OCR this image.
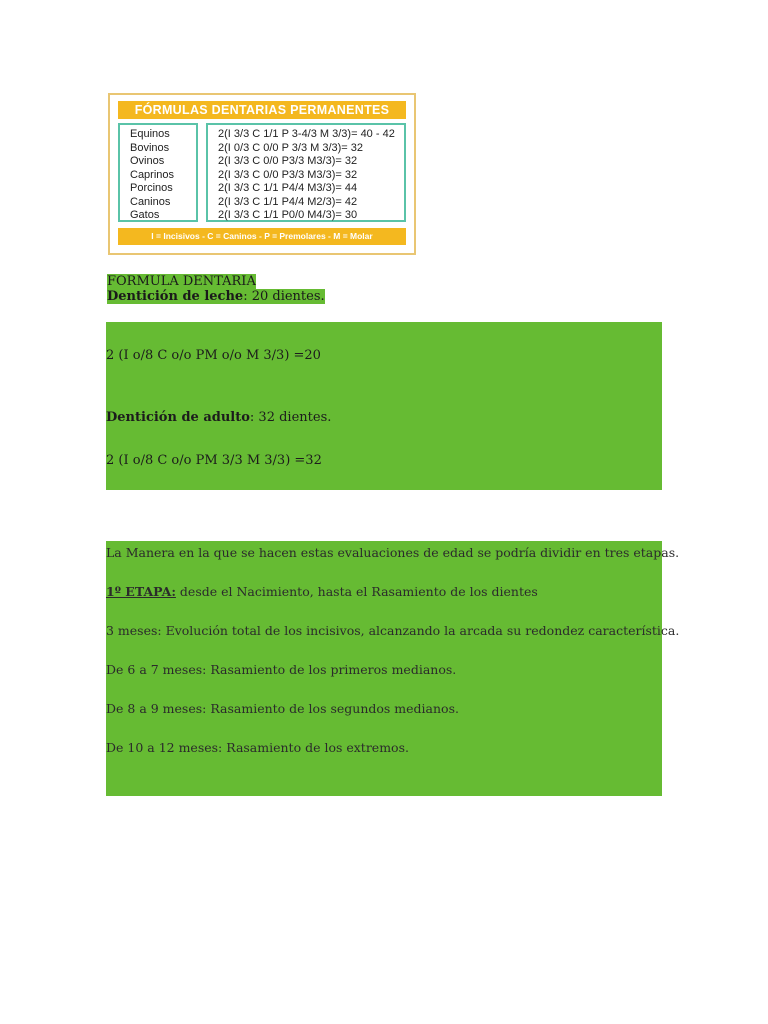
FÓRMULAS DENTARIAS PERMANENTES
Equinos
Bovinos
Ovinos
Caprinos
Porcinos
Caninos
Gatos
2(I 3/3 C 1/1 P 3-4/3 M 3/3)= 40 - 42
2(I 0/3 C 0/0 P 3/3 M 3/3)= 32
2(I 3/3 C 0/0 P3/3 M3/3)= 32
2(I 3/3 C 0/0 P3/3 M3/3)= 32
2(I 3/3 C 1/1 P4/4 M3/3)= 44
2(I 3/3 C 1/1 P4/4 M2/3)= 42
2(I 3/3 C 1/1 P0/0 M4/3)= 30
I = Incisivos - C = Caninos - P = Premolares - M = Molar
FORMULA DENTARIA
Dentición de leche: 20 dientes.
2 (I o/8 C o/o PM o/o M 3/3) =20
Dentición de adulto: 32 dientes.
2 (I o/8 C o/o PM 3/3 M 3/3) =32
La Manera en la que se hacen estas evaluaciones de edad se podría dividir en tres etapas.
1º ETAPA: desde el Nacimiento, hasta el Rasamiento de los dientes
3 meses: Evolución total de los incisivos, alcanzando la arcada su redondez característica.
De 6 a 7 meses: Rasamiento de los primeros medianos.
De 8 a 9 meses: Rasamiento de los segundos medianos.
De 10 a 12 meses: Rasamiento de los extremos.
